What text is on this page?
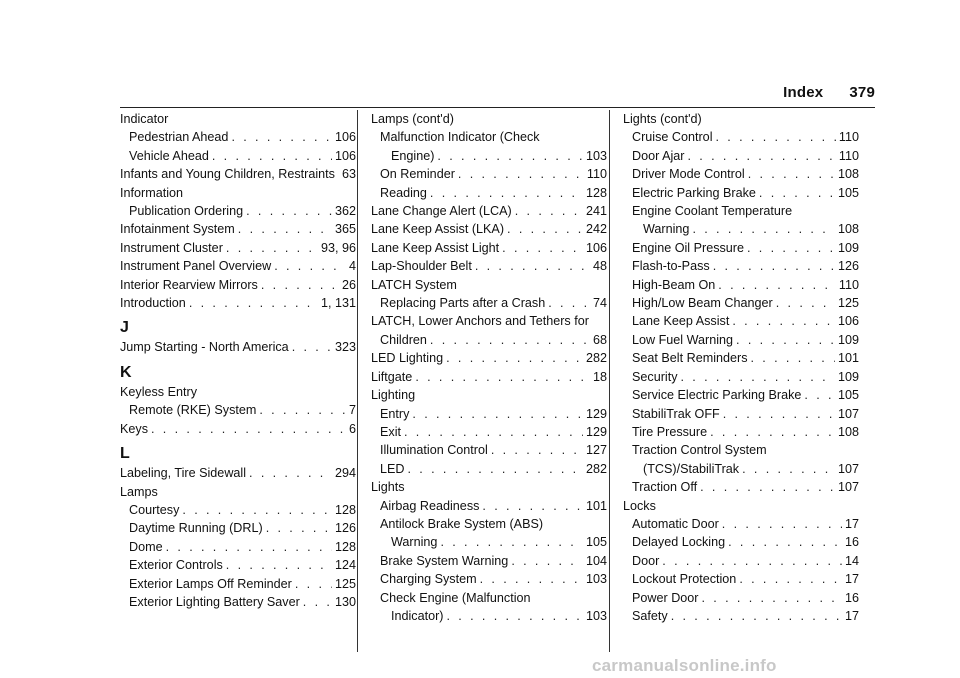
Index 379
Indicator
Pedestrian Ahead . . .	106
Vehicle Ahead . . .	106
Infants and Young Children, Restraints . . . 63
Information
Publication Ordering . . .	362
Infotainment System . . .	365
Instrument Cluster . . .	93, 96
Instrument Panel Overview . . .	4
Interior Rearview Mirrors . . .	26
Introduction . . .	1, 131
J
Jump Starting - North America . . .	323
K
Keyless Entry
Remote (RKE) System . . .	7
Keys . . .	6
L
Labeling, Tire Sidewall . . .	294
Lamps
Courtesy . . .	128
Daytime Running (DRL) . . .	126
Dome . . .	128
Exterior Controls . . .	124
Exterior Lamps Off Reminder . . .	125
Exterior Lighting Battery Saver . . .	130
Lamps (cont'd)
Malfunction Indicator (Check
Engine) . . .	103
On Reminder . . .	110
Reading . . .	128
Lane Change Alert (LCA) . . .	241
Lane Keep Assist (LKA) . . .	242
Lane Keep Assist Light . . .	106
Lap-Shoulder Belt . . .	48
LATCH System
Replacing Parts after a Crash . . .	74
LATCH, Lower Anchors and Tethers for
Children . . .	68
LED Lighting . . .	282
Liftgate . . .	18
Lighting
Entry . . .	129
Exit . . .	129
Illumination Control . . .	127
LED . . .	282
Lights
Airbag Readiness . . .	101
Antilock Brake System (ABS)
Warning . . .	105
Brake System Warning . . .	104
Charging System . . .	103
Check Engine (Malfunction
Indicator) . . .	103
Lights (cont'd)
Cruise Control . . .	110
Door Ajar . . .	110
Driver Mode Control . . .	108
Electric Parking Brake . . .	105
Engine Coolant Temperature
Warning . . .	108
Engine Oil Pressure . . .	109
Flash-to-Pass . . .	126
High-Beam On . . .	110
High/Low Beam Changer . . .	125
Lane Keep Assist . . .	106
Low Fuel Warning . . .	109
Seat Belt Reminders . . .	101
Security . . .	109
Service Electric Parking Brake . . .	105
StabiliTrak OFF . . .	107
Tire Pressure . . .	108
Traction Control System
(TCS)/StabiliTrak . . .	107
Traction Off . . .	107
Locks
Automatic Door . . .	17
Delayed Locking . . .	16
Door . . .	14
Lockout Protection . . .	17
Power Door . . .	16
Safety . . .	17
carmanualsonline.info
